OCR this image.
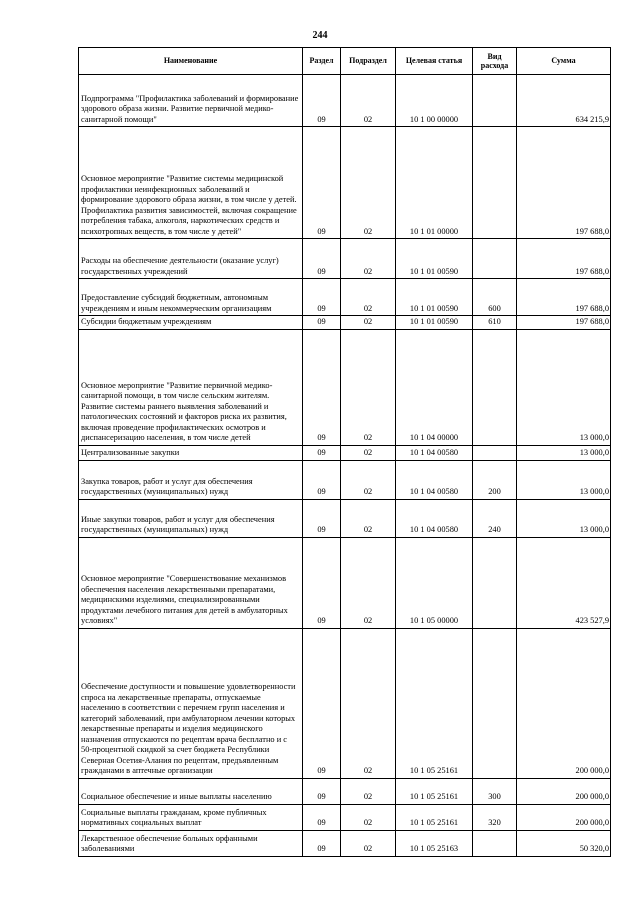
244
Наименование	Раздел	Подраздел	Целевая статья	Вид расхода	Сумма
Подпрограмма "Профилактика заболеваний и формирование здорового образа жизни. Развитие первичной медико-санитарной помощи"	09	02	10 1 00 00000		634 215,9
Основное мероприятие "Развитие системы медицинской профилактики неинфекционных заболеваний и формирование здорового образа жизни, в том числе у детей. Профилактика развития зависимостей, включая сокращение потребления табака, алкоголя, наркотических средств и психотропных веществ, в том числе у детей"	09	02	10 1 01 00000		197 688,0
Расходы на обеспечение деятельности (оказание услуг) государственных учреждений	09	02	10 1 01 00590		197 688,0
Предоставление субсидий бюджетным, автономным учреждениям и иным некоммерческим организациям	09	02	10 1 01 00590	600	197 688,0
Субсидии бюджетным учреждениям	09	02	10 1 01 00590	610	197 688,0
Основное мероприятие "Развитие первичной медико-санитарной помощи, в том числе сельским жителям. Развитие системы раннего выявления заболеваний и патологических состояний и факторов риска их развития, включая проведение профилактических осмотров и диспансеризацию населения, в том числе детей	09	02	10 1 04 00000		13 000,0
Централизованные закупки	09	02	10 1 04 00580		13 000,0
Закупка товаров, работ и услуг для обеспечения государственных (муниципальных) нужд	09	02	10 1 04 00580	200	13 000,0
Иные закупки товаров, работ и услуг для обеспечения государственных (муниципальных) нужд	09	02	10 1 04 00580	240	13 000,0
Основное мероприятие "Совершенствование механизмов обеспечения населения лекарственными препаратами, медицинскими изделиями, специализированными продуктами лечебного питания для детей в амбулаторных условиях"	09	02	10 1 05 00000		423 527,9
Обеспечение доступности и повышение удовлетворенности спроса на лекарственные препараты, отпускаемые населению в соответствии с перечнем групп населения и категорий заболеваний, при амбулаторном лечении которых лекарственные препараты и изделия медицинского назначения отпускаются по рецептам врача бесплатно и с 50-процентной скидкой за счет бюджета Республики Северная Осетия-Алания по рецептам, предъявленным гражданами в аптечные организации	09	02	10 1 05 25161		200 000,0
Социальное обеспечение и иные выплаты населению	09	02	10 1 05 25161	300	200 000,0
Социальные выплаты гражданам, кроме публичных нормативных социальных выплат	09	02	10 1 05 25161	320	200 000,0
Лекарственное обеспечение больных орфанными заболеваниями	09	02	10 1 05 25163		50 320,0
